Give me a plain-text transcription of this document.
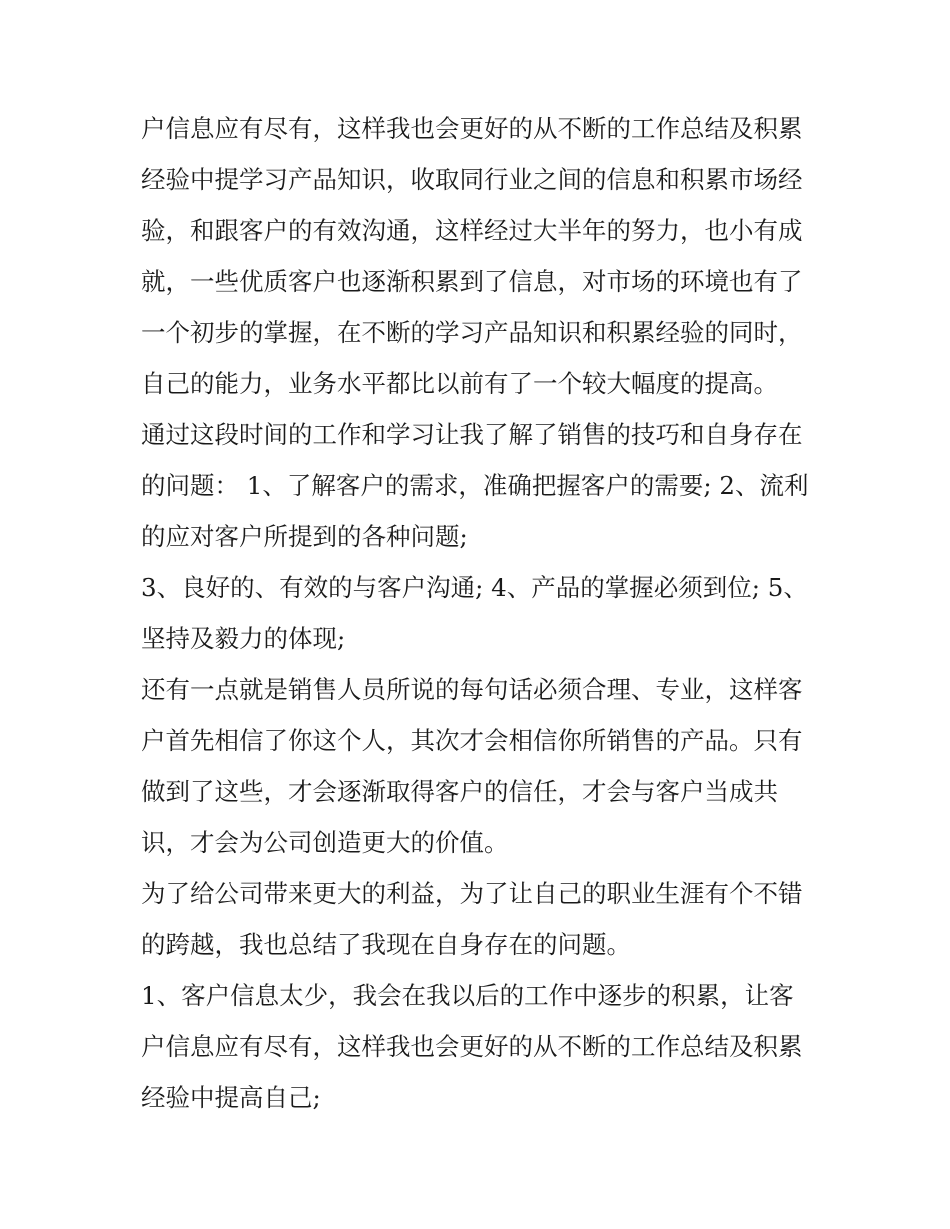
户信息应有尽有，这样我也会更好的从不断的工作总结及积累
经验中提学习产品知识，收取同行业之间的信息和积累市场经
验，和跟客户的有效沟通，这样经过大半年的努力，也小有成
就，一些优质客户也逐渐积累到了信息，对市场的环境也有了
一个初步的掌握，在不断的学习产品知识和积累经验的同时，
自己的能力，业务水平都比以前有了一个较大幅度的提高。
通过这段时间的工作和学习让我了解了销售的技巧和自身存在
的问题： 1、了解客户的需求，准确把握客户的需要; 2、流利
的应对客户所提到的各种问题;
3、良好的、有效的与客户沟通; 4、产品的掌握必须到位; 5、
坚持及毅力的体现;
还有一点就是销售人员所说的每句话必须合理、专业，这样客
户首先相信了你这个人，其次才会相信你所销售的产品。只有
做到了这些，才会逐渐取得客户的信任，才会与客户当成共
识，才会为公司创造更大的价值。
为了给公司带来更大的利益，为了让自己的职业生涯有个不错
的跨越，我也总结了我现在自身存在的问题。
1、客户信息太少，我会在我以后的工作中逐步的积累，让客
户信息应有尽有，这样我也会更好的从不断的工作总结及积累
经验中提高自己;
